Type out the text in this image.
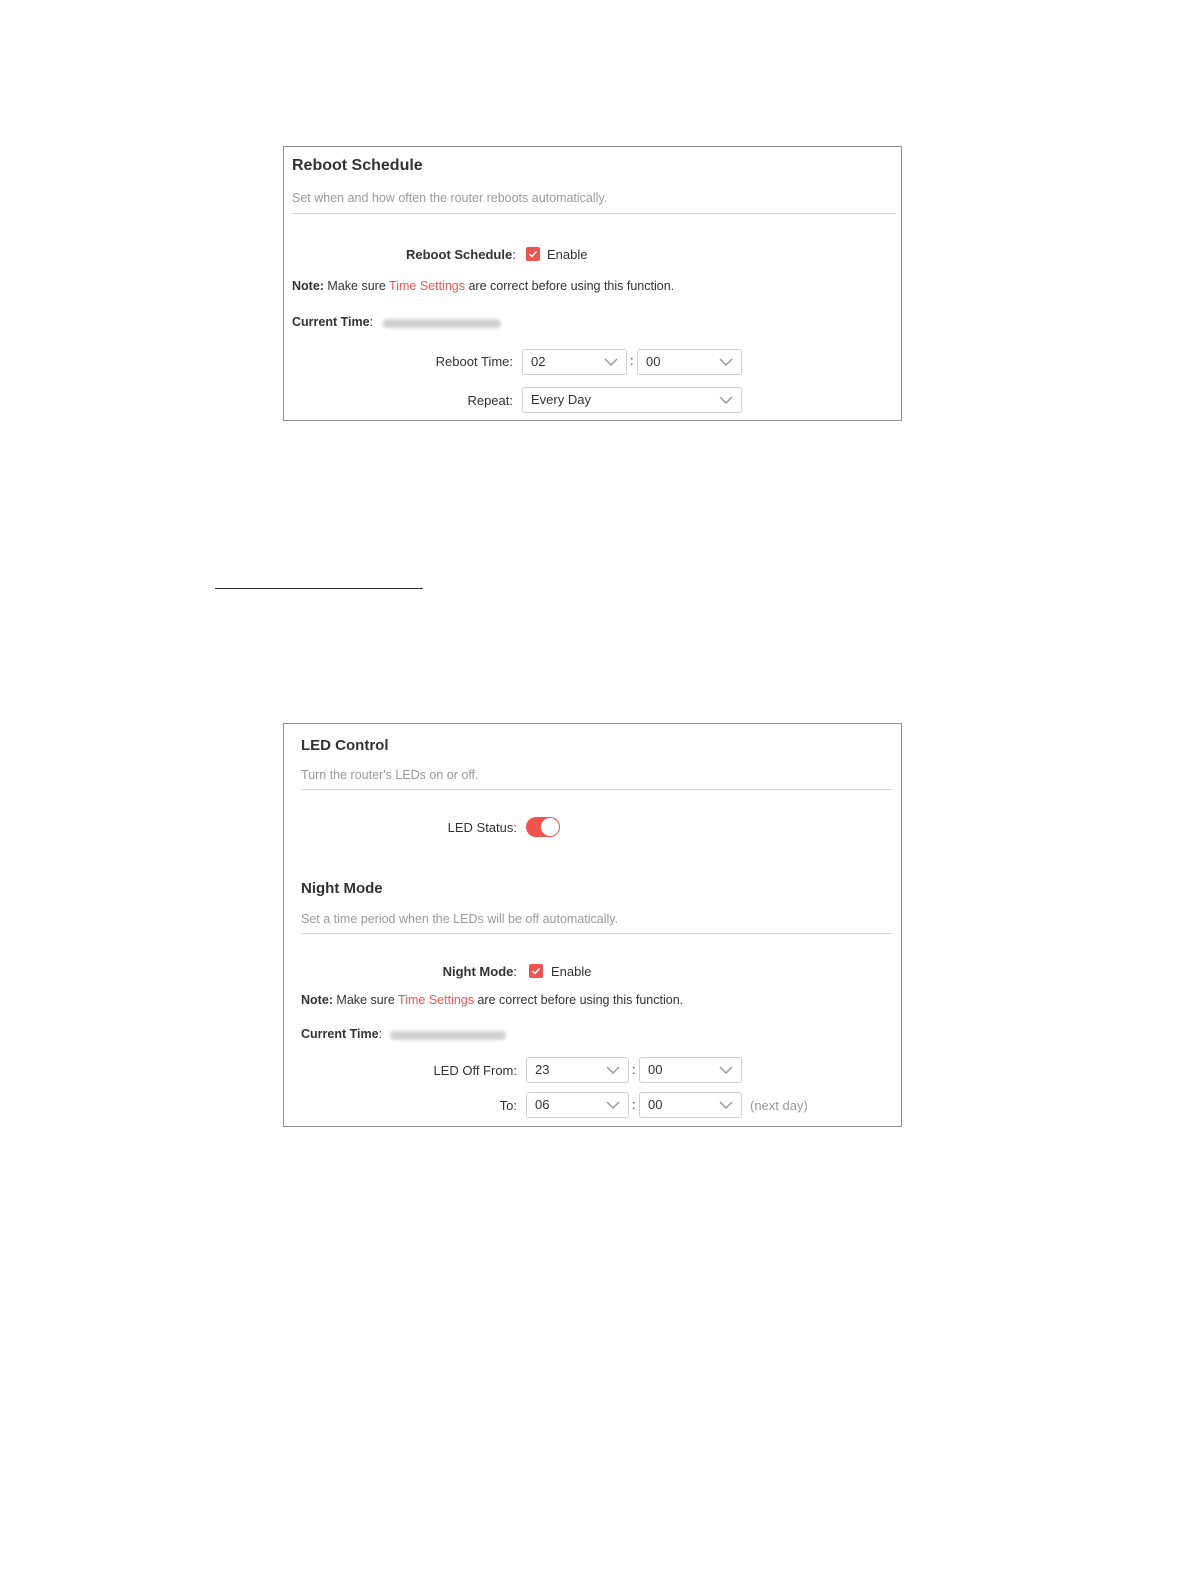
Reboot Schedule
Set when and how often the router reboots automatically.
Reboot Schedule: Enable
Note: Make sure Time Settings are correct before using this function.
Current Time:
Reboot Time:	02	: 00
Repeat:	Every Day
LED Control
Turn the router's LEDs on or off.
LED Status:
Night Mode
Set a time period when the LEDs will be off automatically.
Night Mode:	Enable
Note: Make sure Time Settings are correct before using this function.
Current Time:
LED Off From:	23	: 00
To:	06	: 00	(next day)
